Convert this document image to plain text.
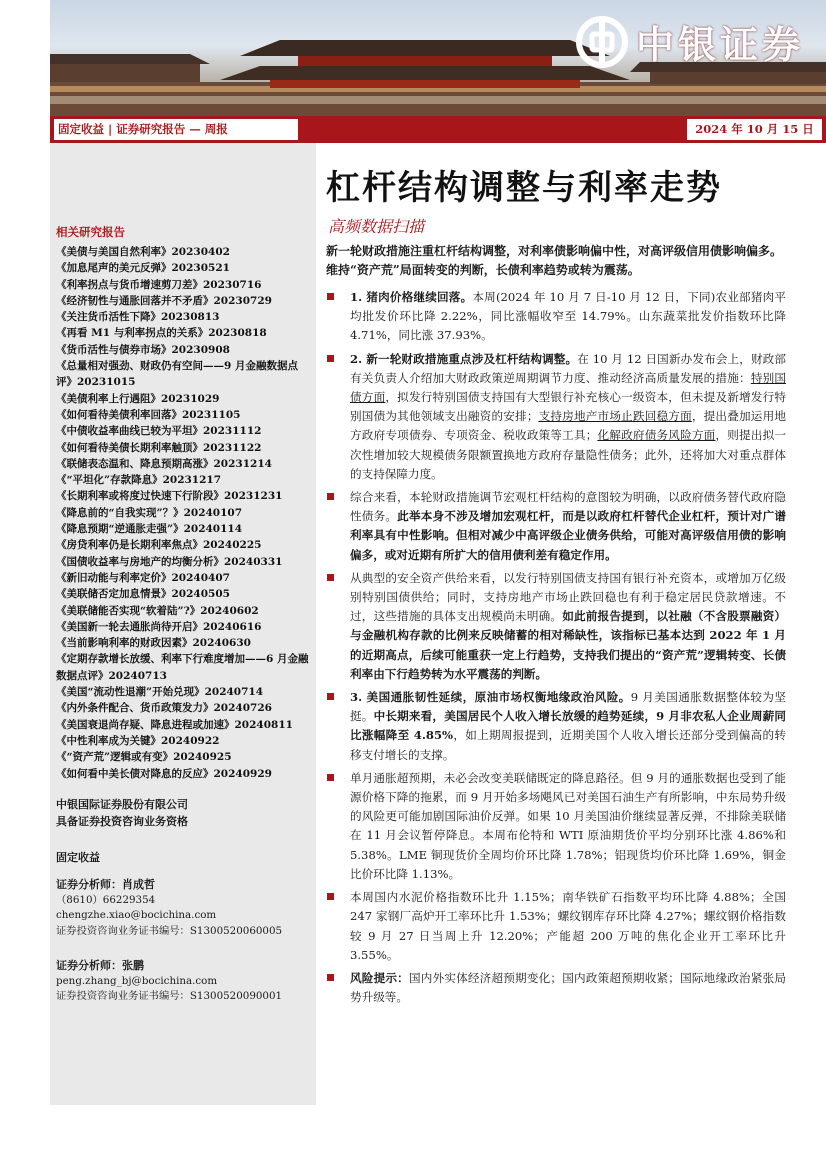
中银证券
固定收益 | 证券研究报告 — 周报	2024 年 10 月 15 日
相关研究报告
《美债与美国自然利率》20230402
《加息尾声的美元反弹》20230521
《利率拐点与货币增速剪刀差》20230716
《经济韧性与通胀回落并不矛盾》20230729
《关注货币活性下降》20230813
《再看 M1 与利率拐点的关系》20230818
《货币活性与债券市场》20230908
《总量相对强劲、财政仍有空间——9 月金融数据点评》20231015
《美债利率上行遇阻》20231029
《如何看待美债利率回落》20231105
《中债收益率曲线已较为平坦》20231112
《如何看待美债长期利率触顶》20231122
《联储表态温和、降息预期高涨》20231214
《“平坦化”存款降息》20231217
《长期利率或将度过快速下行阶段》20231231
《降息前的“自我实现”？》20240107
《降息预期“逆通胀走强”》20240114
《房贷利率仍是长期利率焦点》20240225
《国债收益率与房地产的均衡分析》20240331
《新旧动能与利率定价》20240407
《美联储否定加息情景》20240505
《美联储能否实现“软着陆”?》20240602
《美国新一轮去通胀尚待开启》20240616
《当前影响利率的财政因素》20240630
《定期存款增长放缓、利率下行难度增加——6 月金融数据点评》20240713
《美国“流动性退潮”开始兑现》20240714
《内外条件配合、货币政策发力》20240726
《美国衰退尚存疑、降息进程或加速》20240811
《中性利率成为关键》20240922
《“资产荒”逻辑或有变》20240925
《如何看中美长债对降息的反应》20240929
中银国际证券股份有限公司
具备证券投资咨询业务资格
固定收益
证券分析师：肖成哲
（8610）66229354
chengzhe.xiao@bocichina.com
证券投资咨询业务证书编号：S1300520060005
证券分析师：张鹏
peng.zhang_bj@bocichina.com
证券投资咨询业务证书编号：S1300520090001
杠杆结构调整与利率走势
高频数据扫描
新一轮财政措施注重杠杆结构调整，对利率债影响偏中性，对高评级信用债影响偏多。维持“资产荒”局面转变的判断，长债利率趋势或转为震荡。
1. 猪肉价格继续回落。本周(2024 年 10 月 7 日-10 月 12 日，下同)农业部猪肉平均批发价环比降 2.22%，同比涨幅收窄至 14.79%。山东蔬菜批发价指数环比降 4.71%，同比涨 37.93%。
2. 新一轮财政措施重点涉及杠杆结构调整。在 10 月 12 日国新办发布会上，财政部有关负责人介绍加大财政政策逆周期调节力度、推动经济高质量发展的措施：特别国债方面，拟发行特别国债支持国有大型银行补充核心一级资本，但未提及新增发行特别国债为其他领域支出融资的安排；支持房地产市场止跌回稳方面，提出叠加运用地方政府专项债券、专项资金、税收政策等工具；化解政府债务风险方面，则提出拟一次性增加较大规模债务限额置换地方政府存量隐性债务；此外，还将加大对重点群体的支持保障力度。
综合来看，本轮财政措施调节宏观杠杆结构的意图较为明确，以政府债务替代政府隐性债务。此举本身不涉及增加宏观杠杆，而是以政府杠杆替代企业杠杆，预计对广谱利率具有中性影响。但相对减少中高评级企业债务供给，可能对高评级信用债的影响偏多，或对近期有所扩大的信用债利差有稳定作用。
从典型的安全资产供给来看，以发行特别国债支持国有银行补充资本，或增加万亿级别特别国债供给；同时，支持房地产市场止跌回稳也有利于稳定居民贷款增速。不过，这些措施的具体支出规模尚未明确。如此前报告提到，以社融（不含股票融资）与金融机构存款的比例来反映储蓄的相对稀缺性，该指标已基本达到 2022 年 1 月的近期高点，后续可能重获一定上行趋势，支持我们提出的“资产荒”逻辑转变、长债利率由下行趋势转为水平震荡的判断。
3. 美国通胀韧性延续，原油市场权衡地缘政治风险。9 月美国通胀数据整体较为坚挺。中长期来看，美国居民个人收入增长放缓的趋势延续，9 月非农私人企业周薪同比涨幅降至 4.85%，如上期周报提到，近期美国个人收入增长还部分受到偏高的转移支付增长的支撑。
单月通胀超预期，未必会改变美联储既定的降息路径。但 9 月的通胀数据也受到了能源价格下降的拖累，而 9 月开始多场飓风已对美国石油生产有所影响，中东局势升级的风险更可能加剧国际油价反弹。如果 10 月美国油价继续显著反弹，不排除美联储在 11 月会议暂停降息。本周布伦特和 WTI 原油期货价平均分别环比涨 4.86%和 5.38%。LME 铜现货价全周均价环比降 1.78%；铝现货均价环比降 1.69%，铜金比价环比降 1.13%。
本周国内水泥价格指数环比升 1.15%；南华铁矿石指数平均环比降 4.88%；全国 247 家钢厂高炉开工率环比升 1.53%；螺纹钢库存环比降 4.27%；螺纹钢价格指数较 9 月 27 日当周上升 12.20%；产能超 200 万吨的焦化企业开工率环比升 3.55%。
风险提示：国内外实体经济超预期变化；国内政策超预期收紧；国际地缘政治紧张局势升级等。
